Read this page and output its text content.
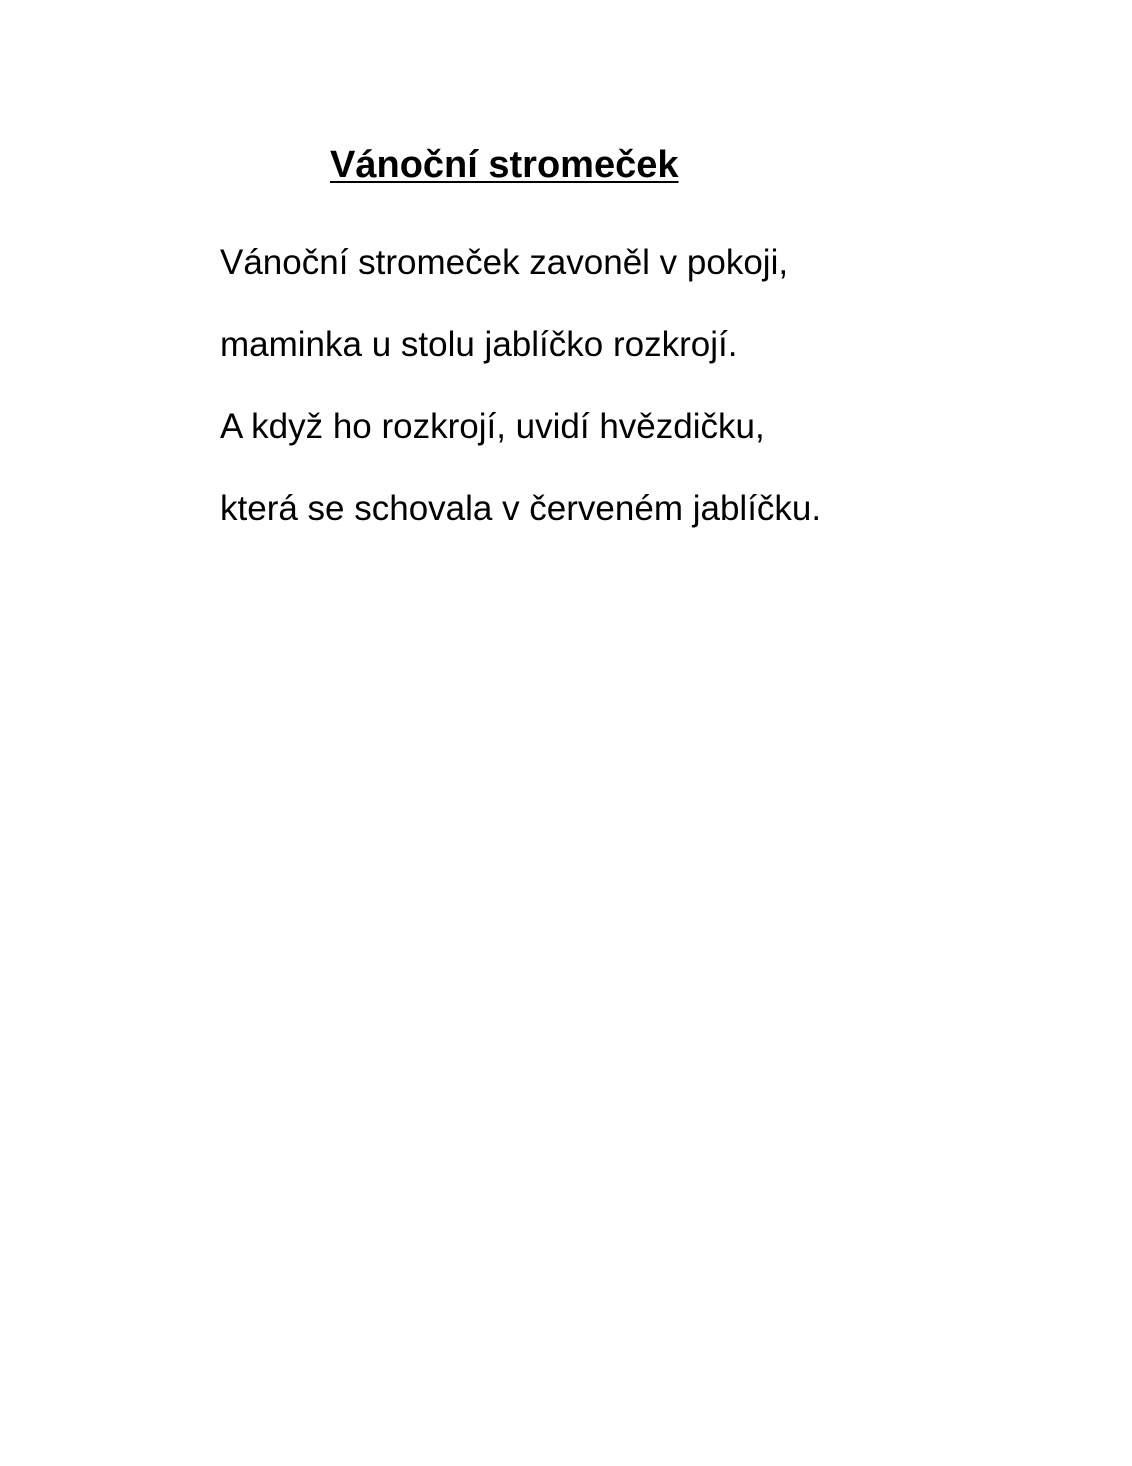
Vánoční stromeček
Vánoční stromeček zavoněl v pokoji,
maminka u stolu jablíčko rozkrojí.
A když ho rozkrojí, uvidí hvězdičku,
která se schovala v červeném jablíčku.
